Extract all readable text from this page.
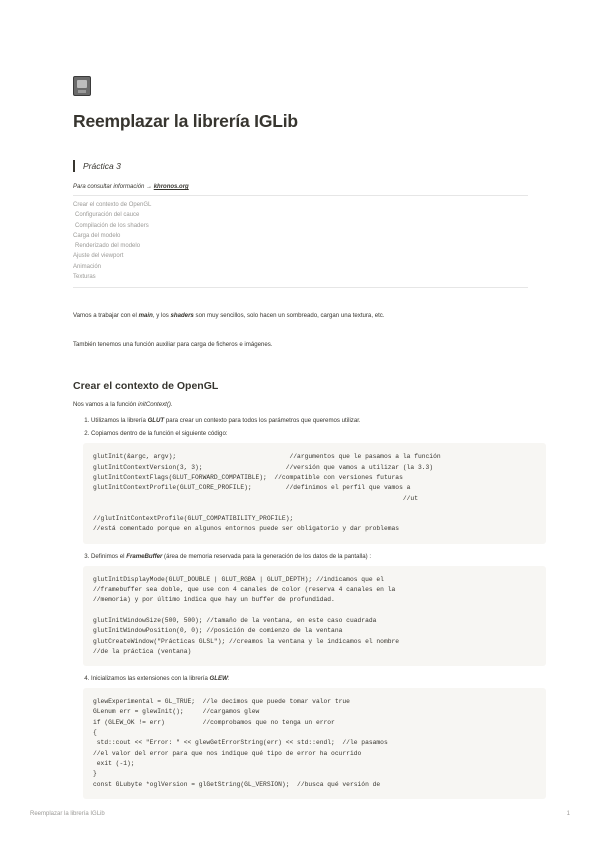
Reemplazar la librería IGLib
Práctica 3
Para consultar información → khronos.org
Crear el contexto de OpenGL
Configuración del cauce
Compilación de los shaders
Carga del modelo
Renderizado del modelo
Ajuste del viewport
Animación
Texturas

Vamos a trabajar con el main, y los shaders son muy sencillos, solo hacen un sombreado, cargan una textura, etc.

También tenemos una función auxiliar para carga de ficheros e imágenes.

Crear el contexto de OpenGL

Nos vamos a la función initContext().

1. Utilizamos la librería GLUT para crear un contexto para todos los parámetros que queremos utilizar.
2. Copiamos dentro de la función el siguiente código:
glutInit(&argc, argv);                              //argumentos que le pasamos a la función
glutInitContextVersion(3, 3);                      //versión que vamos a utilizar (la 3.3)
glutInitContextFlags(GLUT_FORWARD_COMPATIBLE);  //compatible con versiones futuras
glutInitContextProfile(GLUT_CORE_PROFILE);         //definimos el perfil que vamos a
//ut
//glutInitContextProfile(GLUT_COMPATIBILITY_PROFILE);
//está comentado porque en algunos entornos puede ser obligatorio y dar problemas
3. Definimos el FrameBuffer (área de memoria reservada para la generación de los datos de la pantalla) :
glutInitDisplayMode(GLUT_DOUBLE | GLUT_RGBA | GLUT_DEPTH); //indicamos que el
//framebuffer sea doble, que use con 4 canales de color (reserva 4 canales en la
//memoria) y por último indica que hay un buffer de profundidad.
glutInitWindowSize(500, 500); //tamaño de la ventana, en este caso cuadrada
glutInitWindowPosition(0, 0); //posición de comienzo de la ventana
glutCreateWindow("Prácticas GLSL"); //creamos la ventana y le indicamos el nombre
//de la práctica (ventana)
4. Inicializamos las extensiones con la librería GLEW:
glewExperimental = GL_TRUE;  //le decimos que puede tomar valor true
GLenum err = glewInit();     //cargamos glew
if (GLEW_OK != err)          //comprobamos que no tenga un error
{
std::cout << "Error: " << glewGetErrorString(err) << std::endl;  //le pasamos
//el valor del error para que nos indique qué tipo de error ha ocurrido
exit (-1);
}
const GLubyte *oglVersion = glGetString(GL_VERSION);  //busca qué versión de
Reemplazar la librería IGLib	1
